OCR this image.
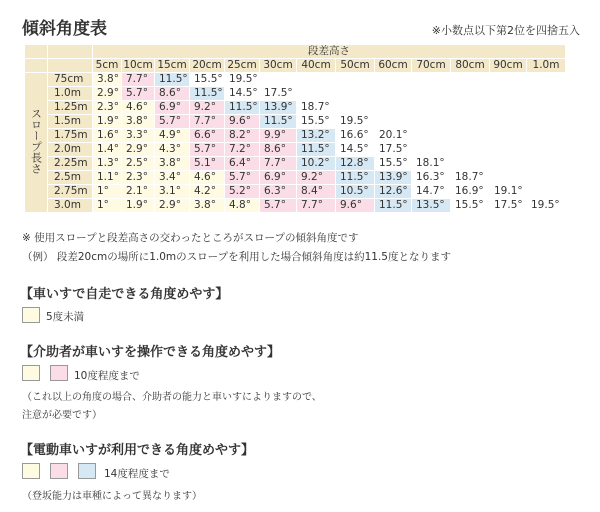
傾斜角度表	※小数点以下第2位を四捨五入
		段差高さ												
		5cm	10cm	15cm	20cm	25cm	30cm	40cm	50cm	60cm	70cm	80cm	90cm	1.0m
スロープ長さ	75cm	3.8°	7.7°	11.5°	15.5°	19.5°								
	1.0m	2.9°	5.7°	8.6°	11.5°	14.5°	17.5°							
	1.25m	2.3°	4.6°	6.9°	9.2°	11.5°	13.9°	18.7°						
	1.5m	1.9°	3.8°	5.7°	7.7°	9.6°	11.5°	15.5°	19.5°					
	1.75m	1.6°	3.3°	4.9°	6.6°	8.2°	9.9°	13.2°	16.6°	20.1°				
	2.0m	1.4°	2.9°	4.3°	5.7°	7.2°	8.6°	11.5°	14.5°	17.5°				
	2.25m	1.3°	2.5°	3.8°	5.1°	6.4°	7.7°	10.2°	12.8°	15.5°	18.1°			
	2.5m	1.1°	2.3°	3.4°	4.6°	5.7°	6.9°	9.2°	11.5°	13.9°	16.3°	18.7°		
	2.75m	1°	2.1°	3.1°	4.2°	5.2°	6.3°	8.4°	10.5°	12.6°	14.7°	16.9°	19.1°	
	3.0m	1°	1.9°	2.9°	3.8°	4.8°	5.7°	7.7°	9.6°	11.5°	13.5°	15.5°	17.5°	19.5°
※ 使用スロープと段差高さの交わったところがスロープの傾斜角度です
（例） 段差20cmの場所に1.0mのスロープを利用した場合傾斜角度は約11.5度となります
【車いすで自走できる角度めやす】
5度未満
【介助者が車いすを操作できる角度めやす】
10度程度まで
（これ以上の角度の場合、介助者の能力と車いすによりますので、
注意が必要です）
【電動車いすが利用できる角度めやす】
14度程度まで
（登坂能力は車種によって異なります）
